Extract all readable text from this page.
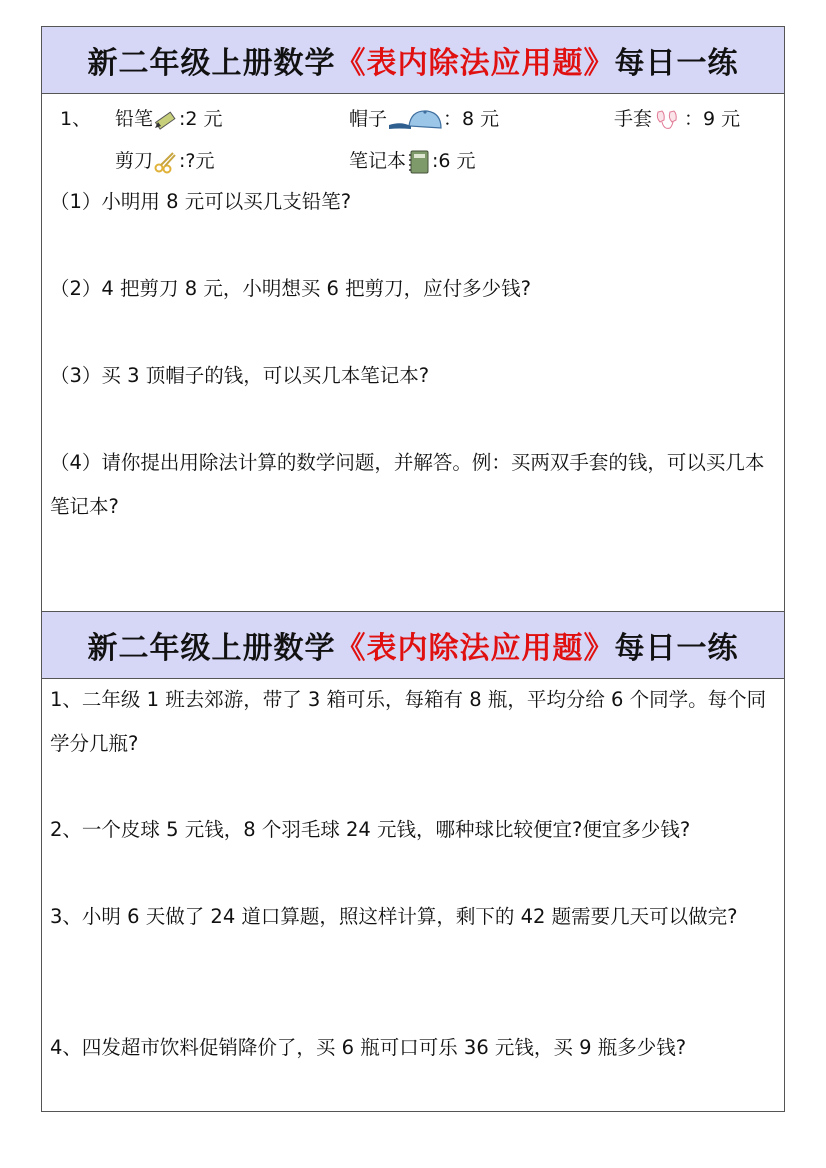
新二年级上册数学 《表内除法应用题》 每日一练
1、 铅笔 :2 元	帽子	：8 元	手套 ：9 元
剪刀 :?元	笔记本 :6 元
（1）小明用 8 元可以买几支铅笔?
（2）4 把剪刀 8 元，小明想买 6 把剪刀，应付多少钱?
（3）买 3 顶帽子的钱，可以买几本笔记本?
（4）请你提出用除法计算的数学问题，并解答。例：买两双手套的钱，可以买几本笔记本?
新二年级上册数学 《表内除法应用题》 每日一练
1、二年级 1 班去郊游，带了 3 箱可乐，每箱有 8 瓶，平均分给 6 个同学。每个同学分几瓶?
2、一个皮球 5 元钱，8 个羽毛球 24 元钱，哪种球比较便宜?便宜多少钱?
3、小明 6 天做了 24 道口算题，照这样计算，剩下的 42 题需要几天可以做完?
4、四发超市饮料促销降价了，买 6 瓶可口可乐 36 元钱，买 9 瓶多少钱?
